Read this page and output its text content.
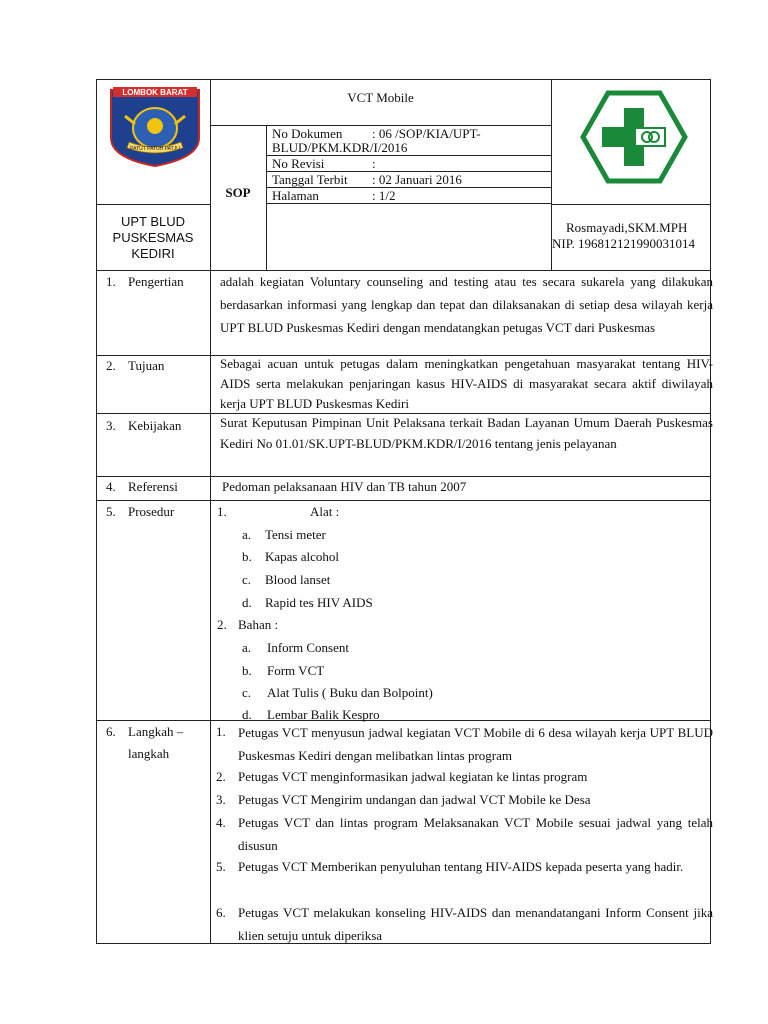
LOMBOK BARAT
PATUT PATUH PATJU
UPT BLUD
PUSKESMAS
KEDIRI
VCT Mobile
SOP
No Dokumen : 06 /SOP/KIA/UPT-
BLUD/PKM.KDR/I/2016
No Revisi	:
Tanggal Terbit : 02 Januari 2016
Halaman	: 1/2
Rosmayadi,SKM.MPH
NIP. 196812121990031014
1. Pengertian	adalah kegiatan Voluntary counseling and testing atau tes secara sukarela yang dilakukan berdasarkan informasi yang lengkap dan tepat dan dilaksanakan di setiap desa wilayah kerja UPT BLUD Puskesmas Kediri dengan mendatangkan petugas VCT dari Puskesmas
2. Tujuan	Sebagai acuan untuk petugas dalam meningkatkan pengetahuan masyarakat tentang HIV-AIDS serta melakukan penjaringan kasus HIV-AIDS di masyarakat secara aktif diwilayah kerja UPT BLUD Puskesmas Kediri
3. Kebijakan	Surat Keputusan Pimpinan Unit Pelaksana terkait Badan Layanan Umum Daerah Puskesmas Kediri No 01.01/SK.UPT-BLUD/PKM.KDR/I/2016 tentang jenis pelayanan
4. Referensi	Pedoman pelaksanaan HIV dan TB tahun 2007
5. Prosedur	1.	Alat :
a. Tensi meter
b. Kapas alcohol
c. Blood lanset
d. Rapid tes HIV AIDS
2. Bahan :
a. Inform Consent
b. Form VCT
c. Alat Tulis ( Buku dan Bolpoint)
d. Lembar Balik Kespro
6. Langkah –
langkah
1. Petugas VCT menyusun jadwal kegiatan VCT Mobile di 6 desa wilayah kerja UPT BLUD Puskesmas Kediri dengan melibatkan lintas program
2. Petugas VCT menginformasikan jadwal kegiatan ke lintas program
3. Petugas VCT Mengirim undangan dan jadwal VCT Mobile ke Desa
4. Petugas VCT dan lintas program Melaksanakan VCT Mobile sesuai jadwal yang telah disusun
5. Petugas VCT Memberikan penyuluhan tentang HIV-AIDS kepada peserta yang hadir.
6. Petugas VCT melakukan konseling HIV-AIDS dan menandatangani Inform Consent jika klien setuju untuk diperiksa
